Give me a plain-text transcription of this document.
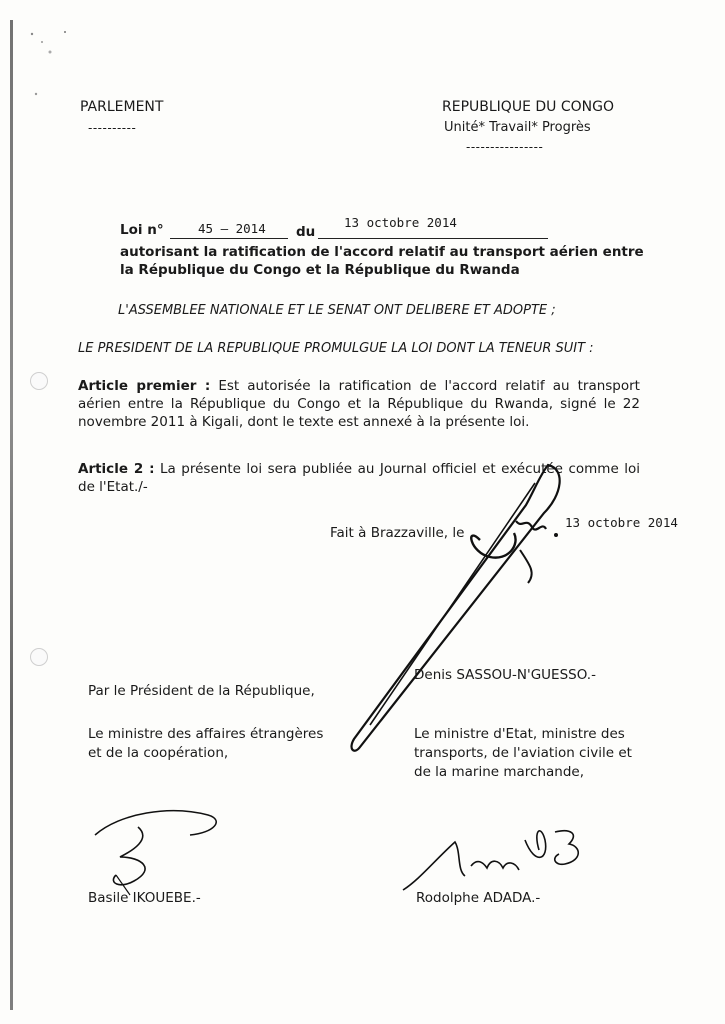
PARLEMENT
----------
REPUBLIQUE DU CONGO
Unité* Travail* Progrès
----------------
Loi n°	45 – 2014 du
13 octobre 2014
autorisant la ratification de l'accord relatif au transport aérien entre
la République du Congo et la République du Rwanda
L'ASSEMBLEE NATIONALE ET LE SENAT ONT DELIBERE ET ADOPTE ;
LE PRESIDENT DE LA REPUBLIQUE PROMULGUE LA LOI DONT LA TENEUR SUIT :
Article premier : Est autorisée la ratification de l'accord relatif au transport aérien entre la République du Congo et la République du Rwanda, signé le 22 novembre 2011 à Kigali, dont le texte est annexé à la présente loi.
Article 2 : La présente loi sera publiée au Journal officiel et exécutée comme loi de l'Etat./-
Fait à Brazzaville, le
13 octobre 2014
Denis SASSOU-N'GUESSO.-
Par le Président de la République,
Le ministre des affaires étrangères
et de la coopération,
Le ministre d'Etat, ministre des
transports, de l'aviation civile et
de la marine marchande,
Basile IKOUEBE.-	Rodolphe ADADA.-
